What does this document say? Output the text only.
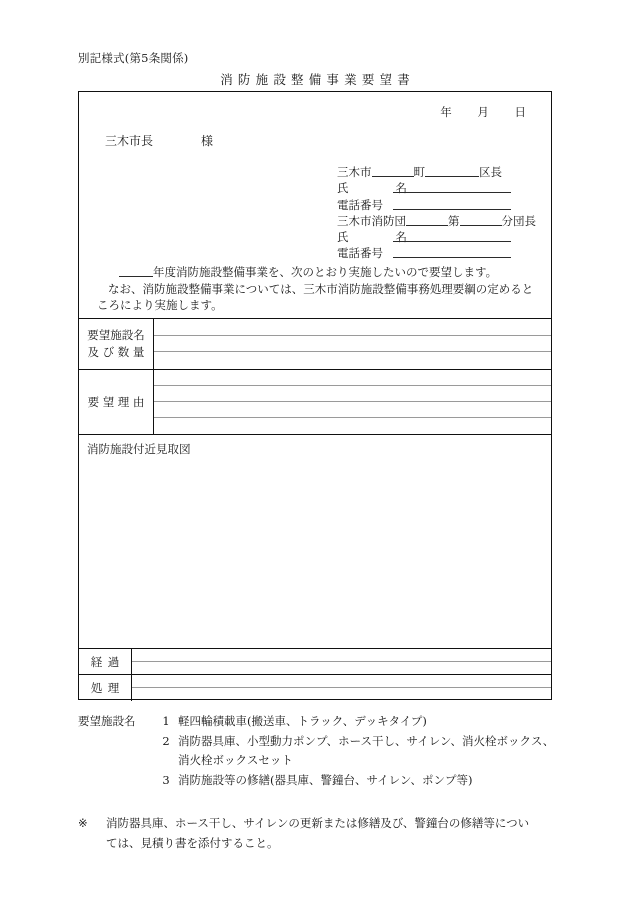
別記様式(第5条関係)
消防施設整備事業要望書
年 月 日
三木市長	様
三木市	町	区長
氏　　名
電話番号
三木市消防団	第	分団長
氏　　名
電話番号

年度消防施設整備事業を、次のとおり実施したいので要望します。

なお、消防施設整備事業については、三木市消防施設整備事務処理要綱の定めると

ころにより実施します。

要望施設名
及び数量
要望理由
消防施設付近見取図
経過
処理
要望施設名	1 軽四輪積載車(搬送車、トラック、デッキタイプ)
2 消防器具庫、小型動力ポンプ、ホース干し、サイレン、消火栓ボックス、
消火栓ボックスセット
3 消防施設等の修繕(器具庫、警鐘台、サイレン、ポンプ等)
※	消防器具庫、ホース干し、サイレンの更新または修繕及び、警鐘台の修繕等につい
ては、見積り書を添付すること。
